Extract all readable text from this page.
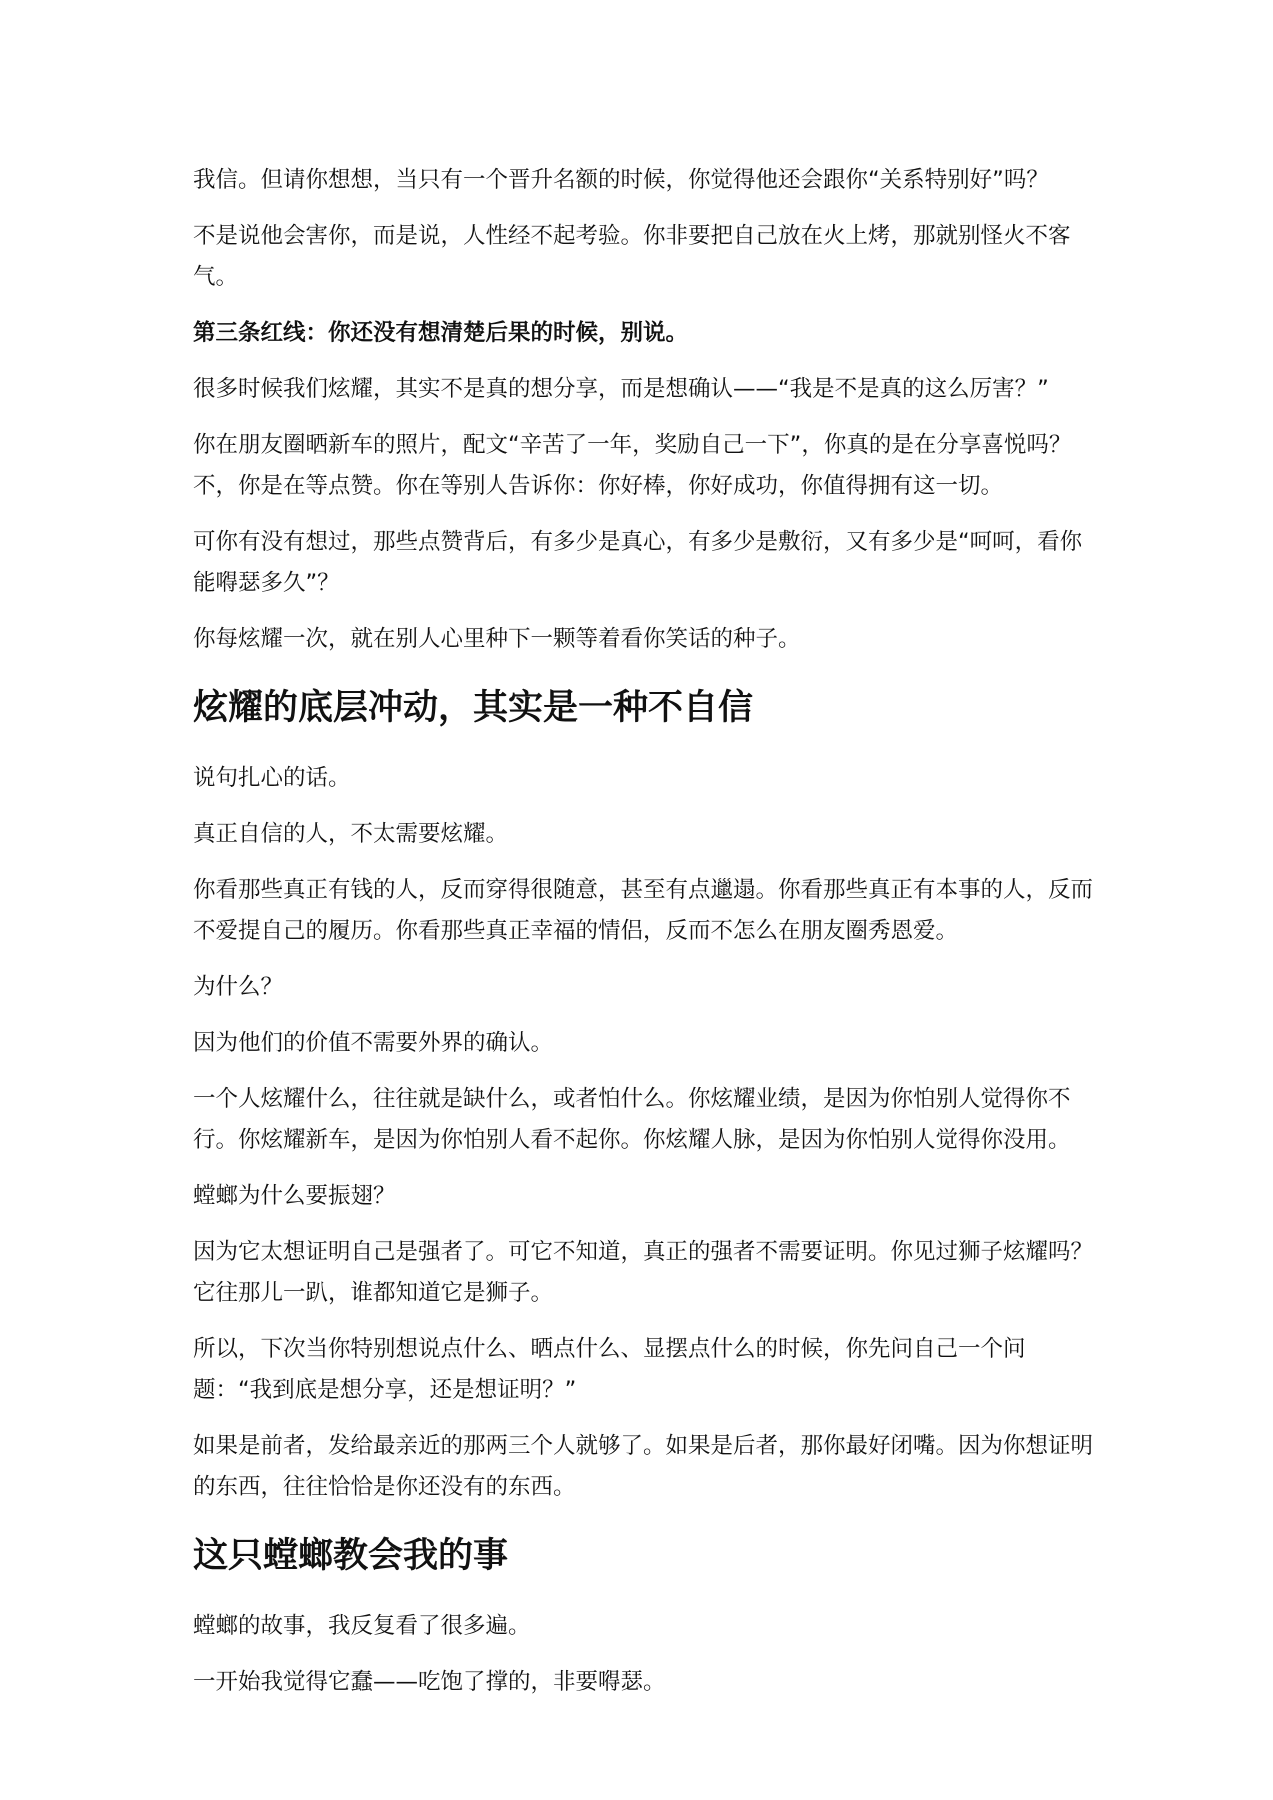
我信。但请你想想，当只有一个晋升名额的时候，你觉得他还会跟你“关系特别好”吗？

不是说他会害你，而是说，人性经不起考验。你非要把自己放在火上烤，那就别怪火不客气。

第三条红线：你还没有想清楚后果的时候，别说。

很多时候我们炫耀，其实不是真的想分享，而是想确认——“我是不是真的这么厉害？”

你在朋友圈晒新车的照片，配文“辛苦了一年，奖励自己一下”，你真的是在分享喜悦吗？不，你是在等点赞。你在等别人告诉你：你好棒，你好成功，你值得拥有这一切。

可你有没有想过，那些点赞背后，有多少是真心，有多少是敷衍，又有多少是“呵呵，看你能嘚瑟多久”？

你每炫耀一次，就在别人心里种下一颗等着看你笑话的种子。

炫耀的底层冲动，其实是一种不自信

说句扎心的话。

真正自信的人，不太需要炫耀。

你看那些真正有钱的人，反而穿得很随意，甚至有点邋遢。你看那些真正有本事的人，反而不爱提自己的履历。你看那些真正幸福的情侣，反而不怎么在朋友圈秀恩爱。

为什么？

因为他们的价值不需要外界的确认。

一个人炫耀什么，往往就是缺什么，或者怕什么。你炫耀业绩，是因为你怕别人觉得你不行。你炫耀新车，是因为你怕别人看不起你。你炫耀人脉，是因为你怕别人觉得你没用。

螳螂为什么要振翅？

因为它太想证明自己是强者了。可它不知道，真正的强者不需要证明。你见过狮子炫耀吗？它往那儿一趴，谁都知道它是狮子。

所以，下次当你特别想说点什么、晒点什么、显摆点什么的时候，你先问自己一个问题：“我到底是想分享，还是想证明？”

如果是前者，发给最亲近的那两三个人就够了。如果是后者，那你最好闭嘴。因为你想证明的东西，往往恰恰是你还没有的东西。

这只螳螂教会我的事

螳螂的故事，我反复看了很多遍。

一开始我觉得它蠢——吃饱了撑的，非要嘚瑟。
